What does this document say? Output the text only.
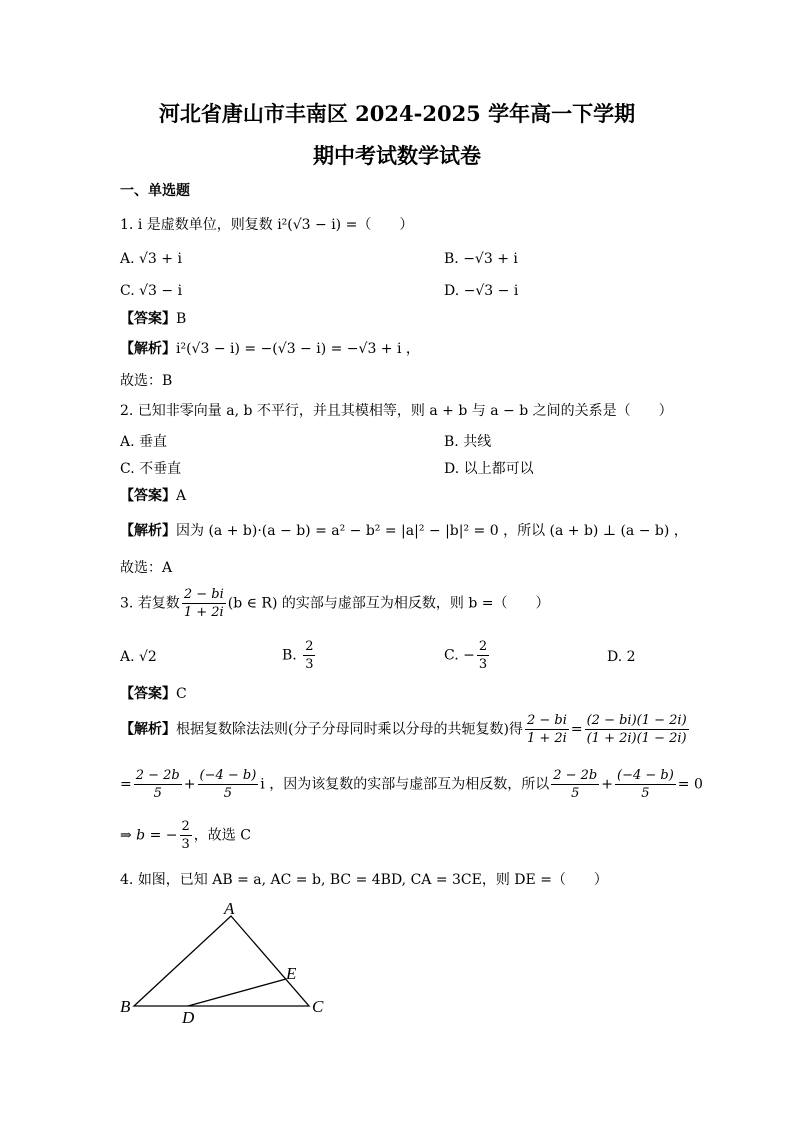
河北省唐山市丰南区 2024-2025 学年高一下学期
期中考试数学试卷
一、单选题
1. i 是虚数单位，则复数 i²(√3 − i) =（　　）
A. √3 + i	B. −√3 + i
C. √3 − i	D. −√3 − i
【答案】B
【解析】i²(√3 − i) = −(√3 − i) = −√3 + i ，
故选：B
2. 已知非零向量 a, b 不平行，并且其模相等，则 a + b 与 a − b 之间的关系是（　　）
A. 垂直	B. 共线
C. 不垂直	D. 以上都可以
【答案】A
【解析】因为 (a + b)·(a − b) = a² − b² = |a|² − |b|² = 0 ，所以 (a + b) ⊥ (a − b) ，
故选：A
3. 若复数 $\frac{2 - bi}{1 + 2i} (b$ ∈ R) 的实部与虚部互为相反数，则 b =（　　）
A. √2	B. $\frac{2}{3}$	C. − $\frac{2}{3}$	D. 2
【答案】C
【解析】根据复数除法法则(分子分母同时乘以分母的共轭复数)得 $\frac{2 - bi}{1 + 2i} = \frac{(2 - bi)(1 - 2i)}{(1 + 2i)(1 - 2i)}$
= $\frac{2 - 2b}{5} + \frac{(-4 - b)}{5}$ i ，因为该复数的实部与虚部互为相反数，所以 $\frac{2 - 2b}{5} + \frac{(-4 - b)}{5} = 0$
⇒ b = − $\frac{2}{3}$ ，故选 C
4. 如图，已知 AB = a, AC = b, BC = 4BD, CA = 3CE，则 DE =（　　）
A
B	C
D
E
